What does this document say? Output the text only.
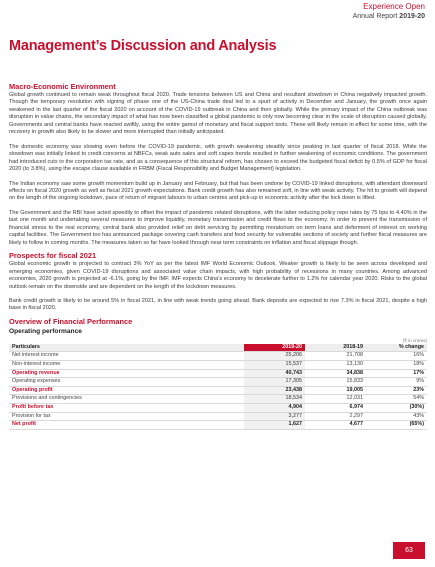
Experience Open
Annual Report 2019-20
Management’s Discussion and Analysis
Macro-Economic Environment

Global growth continued to remain weak throughout fiscal 2020. Trade tensions between US and China and resultant slowdown in China negatively impacted growth. Though the temporary resolution with signing of phase one of the US-China trade deal led to a spurt of activity in December and January, the growth once again weakened in the last quarter of the fiscal 2020 on account of the COVID-19 outbreak in China and then globally. While the primary impact of the China outbreak was disruption in value chains, the secondary impact of what has now been classified a global pandemic is only now becoming clear in the scale of disruption caused globally. Governments and central banks have reacted swiftly, using the entire gamut of monetary and fiscal support tools. These will likely remain in effect for some time, with the recovery in growth also likely to be slower and more interrupted than initially anticipated.

The domestic economy was slowing even before the COVID-19 pandemic, with growth weakening steadily since peaking in last quarter of fiscal 2018. While the slowdown was initially linked to credit concerns at NBFCs, weak auto sales and soft capex trends resulted in further weakening of economic conditions. The government had introduced cuts to the corporation tax rate, and as a consequence of this structural reform, has chosen to exceed the budgeted fiscal deficit by 0.5% of GDP for fiscal 2020 (to 3.8%), using the escape clause available in FRBM (Fiscal Responsibility and Budget Management) legislation.

The Indian economy saw some growth momentum build up in January and February, but that has been undone by COVID-19 linked disruptions, with attendant downward effects on fiscal 2020 growth as well as fiscal 2021 growth expectations. Bank credit growth has also remained soft, in line with weak activity. The hit to growth will depend on the length of the ongoing lockdown, pace of return of migrant labours to urban centres and pick-up in economic activity after the lock down is lifted.

The Government and the RBI have acted speedily to offset the impact of pandemic related disruptions, with the latter reducing policy repo rates by 75 bps to 4.40% in the last one month and undertaking several measures to improve liquidity, monetary transmission and credit flows to the economy. In order to prevent the transmission of financial stress to the real economy, central bank also provided relief on debt servicing by permitting moratorium on term loans and deferment of interest on working capital facilities. The Government too has announced package covering cash transfers and food security for vulnerable sections of society and further fiscal measures are likely to follow in coming months. The measures taken so far have looked through near term constraints on inflation and fiscal slippage though.

Prospects for fiscal 2021

Global economic growth is projected to contract 3% YoY as per the latest IMF World Economic Outlook. Weaker growth is likely to be seen across developed and emerging economies, given COVID-19 disruptions and associated value chain impacts, with high probability of recessions in many countries. Among advanced economies, 2020 growth is projected at -6.1%, going by the IMF. IMF expects China’s economy to decelerate further to 1.2% for calendar year 2020. Risks to the global outlook remain on the downside and are dependent on the length of the lockdown measures.

Bank credit growth is likely to be around 5% in fiscal 2021, in line with weak trends going ahead. Bank deposits are expected to rise 7.3% in fiscal 2021, despite a high base in fiscal 2020.

Overview of Financial Performance
Operating performance
(₹ in crores)
Particulars	2019-20	2018-19	% change
Net interest income	25,206	21,708	16%
Non-interest income	15,537	13,130	18%
Operating revenue	40,743	34,838	17%
Operating expenses	17,305	15,833	9%
Operating profit	23,438	19,005	23%
Provisions and contingencies	18,534	12,031	54%
Profit before tax	4,904	6,974	(30%)
Provision for tax	3,277	2,297	43%
Net profit	1,627	4,677	(65%)
63
